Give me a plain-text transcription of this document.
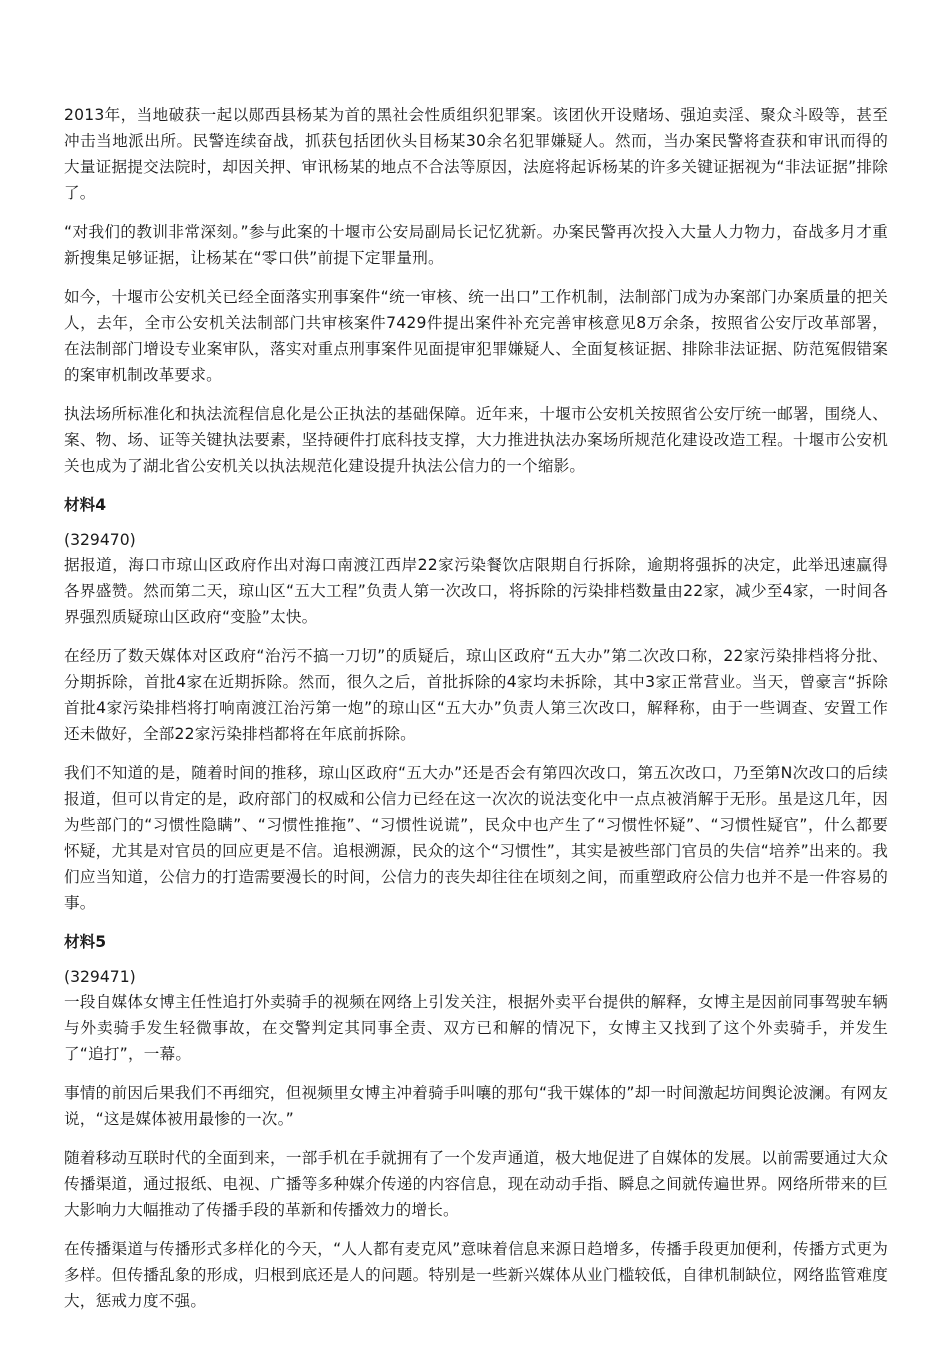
2013年，当地破获一起以郧西县杨某为首的黑社会性质组织犯罪案。该团伙开设赌场、强迫卖淫、聚众斗殴等，甚至冲击当地派出所。民警连续奋战，抓获包括团伙头目杨某30余名犯罪嫌疑人。然而，当办案民警将查获和审讯而得的大量证据提交法院时，却因关押、审讯杨某的地点不合法等原因，法庭将起诉杨某的许多关键证据视为“非法证据”排除了。

“对我们的教训非常深刻。”参与此案的十堰市公安局副局长记忆犹新。办案民警再次投入大量人力物力，奋战多月才重新搜集足够证据，让杨某在“零口供”前提下定罪量刑。

如今，十堰市公安机关已经全面落实刑事案件“统一审核、统一出口”工作机制，法制部门成为办案部门办案质量的把关人，去年，全市公安机关法制部门共审核案件7429件提出案件补充完善审核意见8万余条，按照省公安厅改革部署，在法制部门增设专业案审队，落实对重点刑事案件见面提审犯罪嫌疑人、全面复核证据、排除非法证据、防范冤假错案的案审机制改革要求。

执法场所标准化和执法流程信息化是公正执法的基础保障。近年来，十堰市公安机关按照省公安厅统一邮署，围绕人、案、物、场、证等关键执法要素，坚持硬件打底科技支撑，大力推进执法办案场所规范化建设改造工程。十堰市公安机关也成为了湖北省公安机关以执法规范化建设提升执法公信力的一个缩影。

材料4
(329470)

据报道，海口市琼山区政府作出对海口南渡江西岸22家污染餐饮店限期自行拆除，逾期将强拆的决定，此举迅速赢得各界盛赞。然而第二天，琼山区“五大工程”负责人第一次改口，将拆除的污染排档数量由22家，减少至4家，一时间各界强烈质疑琼山区政府“变脸”太快。

在经历了数天媒体对区政府“治污不搞一刀切”的质疑后，琼山区政府“五大办”第二次改口称，22家污染排档将分批、分期拆除，首批4家在近期拆除。然而，很久之后，首批拆除的4家均未拆除，其中3家正常营业。当天，曾豪言“拆除首批4家污染排档将打响南渡江治污第一炮”的琼山区“五大办”负责人第三次改口，解释称，由于一些调查、安置工作还未做好，全部22家污染排档都将在年底前拆除。

我们不知道的是，随着时间的推移，琼山区政府“五大办”还是否会有第四次改口，第五次改口，乃至第N次改口的后续报道，但可以肯定的是，政府部门的权威和公信力已经在这一次次的说法变化中一点点被消解于无形。虽是这几年，因为些部门的“习惯性隐瞒”、“习惯性推拖”、“习惯性说谎”，民众中也产生了“习惯性怀疑”、“习惯性疑官”，什么都要怀疑，尤其是对官员的回应更是不信。追根溯源，民众的这个“习惯性”，其实是被些部门官员的失信“培养”出来的。我们应当知道，公信力的打造需要漫长的时间，公信力的丧失却往往在顷刻之间，而重塑政府公信力也并不是一件容易的事。

材料5
(329471)

一段自媒体女博主任性追打外卖骑手的视频在网络上引发关注，根据外卖平台提供的解释，女博主是因前同事驾驶车辆与外卖骑手发生轻微事故，在交警判定其同事全责、双方已和解的情况下，女博主又找到了这个外卖骑手，并发生了“追打”，一幕。

事情的前因后果我们不再细究，但视频里女博主冲着骑手叫嚷的那句“我干媒体的”却一时间激起坊间舆论波澜。有网友说，“这是媒体被用最惨的一次。”

随着移动互联时代的全面到来，一部手机在手就拥有了一个发声通道，极大地促进了自媒体的发展。以前需要通过大众传播渠道，通过报纸、电视、广播等多种媒介传递的内容信息，现在动动手指、瞬息之间就传遍世界。网络所带来的巨大影响力大幅推动了传播手段的革新和传播效力的增长。

在传播渠道与传播形式多样化的今天，“人人都有麦克风”意味着信息来源日趋增多，传播手段更加便利，传播方式更为多样。但传播乱象的形成，归根到底还是人的问题。特别是一些新兴媒体从业门槛较低，自律机制缺位，网络监管难度大，惩戒力度不强。
